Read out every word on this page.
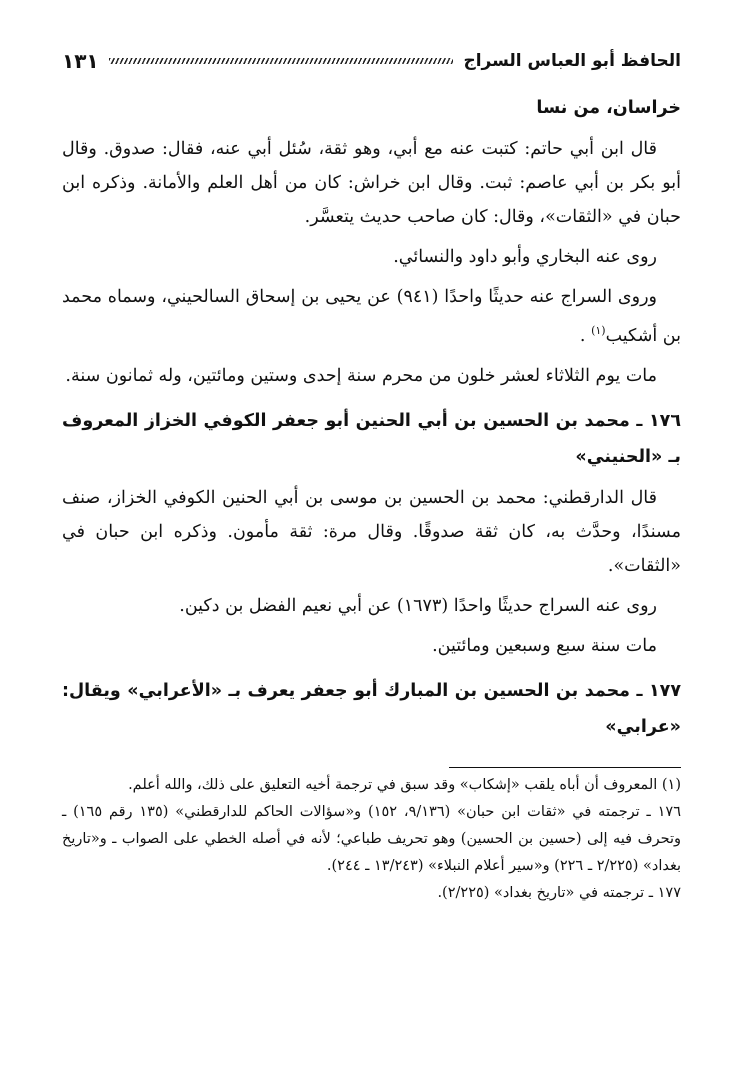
الحافظ أبو العباس السراج
١٣١

خراسان، من نسا

قال ابن أبي حاتم: كتبت عنه مع أبي، وهو ثقة، سُئل أبي عنه، فقال: صدوق. وقال أبو بكر بن أبي عاصم: ثبت. وقال ابن خراش: كان من أهل العلم والأمانة. وذكره ابن حبان في «الثقات»، وقال: كان صاحب حديث يتعسَّر.

روى عنه البخاري وأبو داود والنسائي.

وروى السراج عنه حديثًا واحدًا (٩٤١) عن يحيى بن إسحاق السالحيني، وسماه محمد بن أشكيب$^{(١)}$ .

مات يوم الثلاثاء لعشر خلون من محرم سنة إحدى وستين ومائتين، وله ثمانون سنة.

١٧٦ ـ محمد بن الحسين بن أبي الحنين أبو جعفر الكوفي الخزاز المعروف بـ «الحنيني»

قال الدارقطني: محمد بن الحسين بن موسى بن أبي الحنين الكوفي الخزاز، صنف مسندًا، وحدَّث به، كان ثقة صدوقًا. وقال مرة: ثقة مأمون. وذكره ابن حبان في «الثقات».

روى عنه السراج حديثًا واحدًا (١٦٧٣) عن أبي نعيم الفضل بن دكين.

مات سنة سبع وسبعين ومائتين.

١٧٧ ـ محمد بن الحسين بن المبارك أبو جعفر يعرف بـ «الأعرابي» ويقال: «عرابي»

(١) المعروف أن أباه يلقب «إشكاب» وقد سبق في ترجمة أخيه التعليق على ذلك، والله أعلم.

١٧٦ ـ ترجمته في «ثقات ابن حبان» (٩/١٣٦، ١٥٢) و«سؤالات الحاكم للدارقطني» (١٣٥ رقم ١٦٥) ـ وتحرف فيه إلى (حسين بن الحسين) وهو تحريف طباعي؛ لأنه في أصله الخطي على الصواب ـ و«تاريخ بغداد» (٢/٢٢٥ ـ ٢٢٦) و«سير أعلام النبلاء» (١٣/٢٤٣ ـ ٢٤٤).

١٧٧ ـ ترجمته في «تاريخ بغداد» (٢/٢٢٥).
